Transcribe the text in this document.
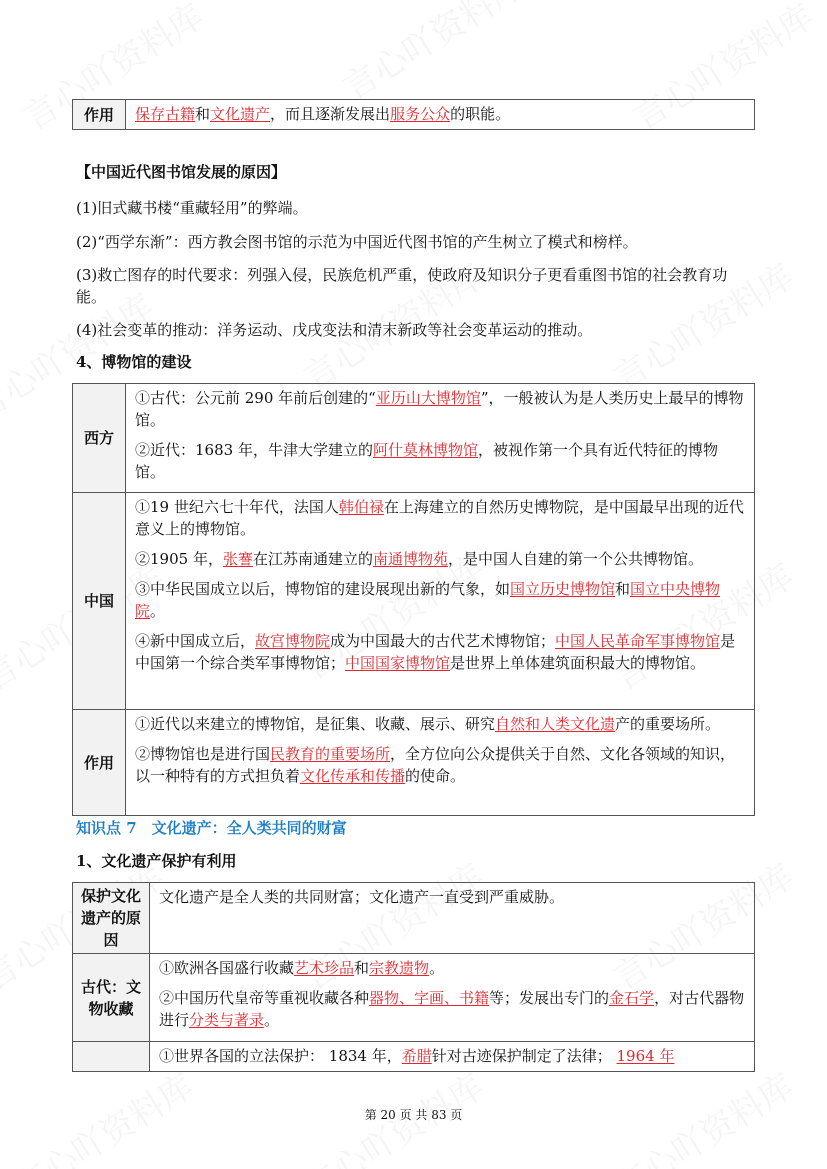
作用	保存古籍和文化遗产，而且逐渐发展出服务公众的职能。
【中国近代图书馆发展的原因】
(1)旧式藏书楼“重藏轻用”的弊端。
(2)“西学东渐”：西方教会图书馆的示范为中国近代图书馆的产生树立了模式和榜样。
(3)救亡图存的时代要求：列强入侵，民族危机严重，使政府及知识分子更看重图书馆的社会教育功能。
(4)社会变革的推动：洋务运动、戊戌变法和清末新政等社会变革运动的推动。
4、博物馆的建设
西方	①古代：公元前 290 年前后创建的“亚历山大博物馆”，一般被认为是人类历史上最早的博物馆。
②近代：1683 年，牛津大学建立的阿什莫林博物馆，被视作第一个具有近代特征的博物馆。

中国	①19 世纪六七十年代，法国人韩伯禄在上海建立的自然历史博物院，是中国最早出现的近代意义上的博物馆。
②1905 年，张謇在江苏南通建立的南通博物苑，是中国人自建的第一个公共博物馆。
③中华民国成立以后，博物馆的建设展现出新的气象，如国立历史博物馆和国立中央博物院。
④新中国成立后，故宫博物院成为中国最大的古代艺术博物馆；中国人民革命军事博物馆是中国第一个综合类军事博物馆；中国国家博物馆是世界上单体建筑面积最大的博物馆。

作用	①近代以来建立的博物馆，是征集、收藏、展示、研究自然和人类文化遗产的重要场所。
②博物馆也是进行国民教育的重要场所，全方位向公众提供关于自然、文化各领域的知识，以一种特有的方式担负着文化传承和传播的使命。
知识点 7　文化遗产：全人类共同的财富
1、文化遗产保护有利用
保护文化遗产的原因	文化遗产是全人类的共同财富；文化遗产一直受到严重威胁。

古代：文物收藏	①欧洲各国盛行收藏艺术珍品和宗教遗物。
②中国历代皇帝等重视收藏各种器物、字画、书籍等；发展出专门的金石学，对古代器物进行分类与著录。

	①世界各国的立法保护： 1834 年，希腊针对古迹保护制定了法律； 1964 年
第 20 页 共 83 页
